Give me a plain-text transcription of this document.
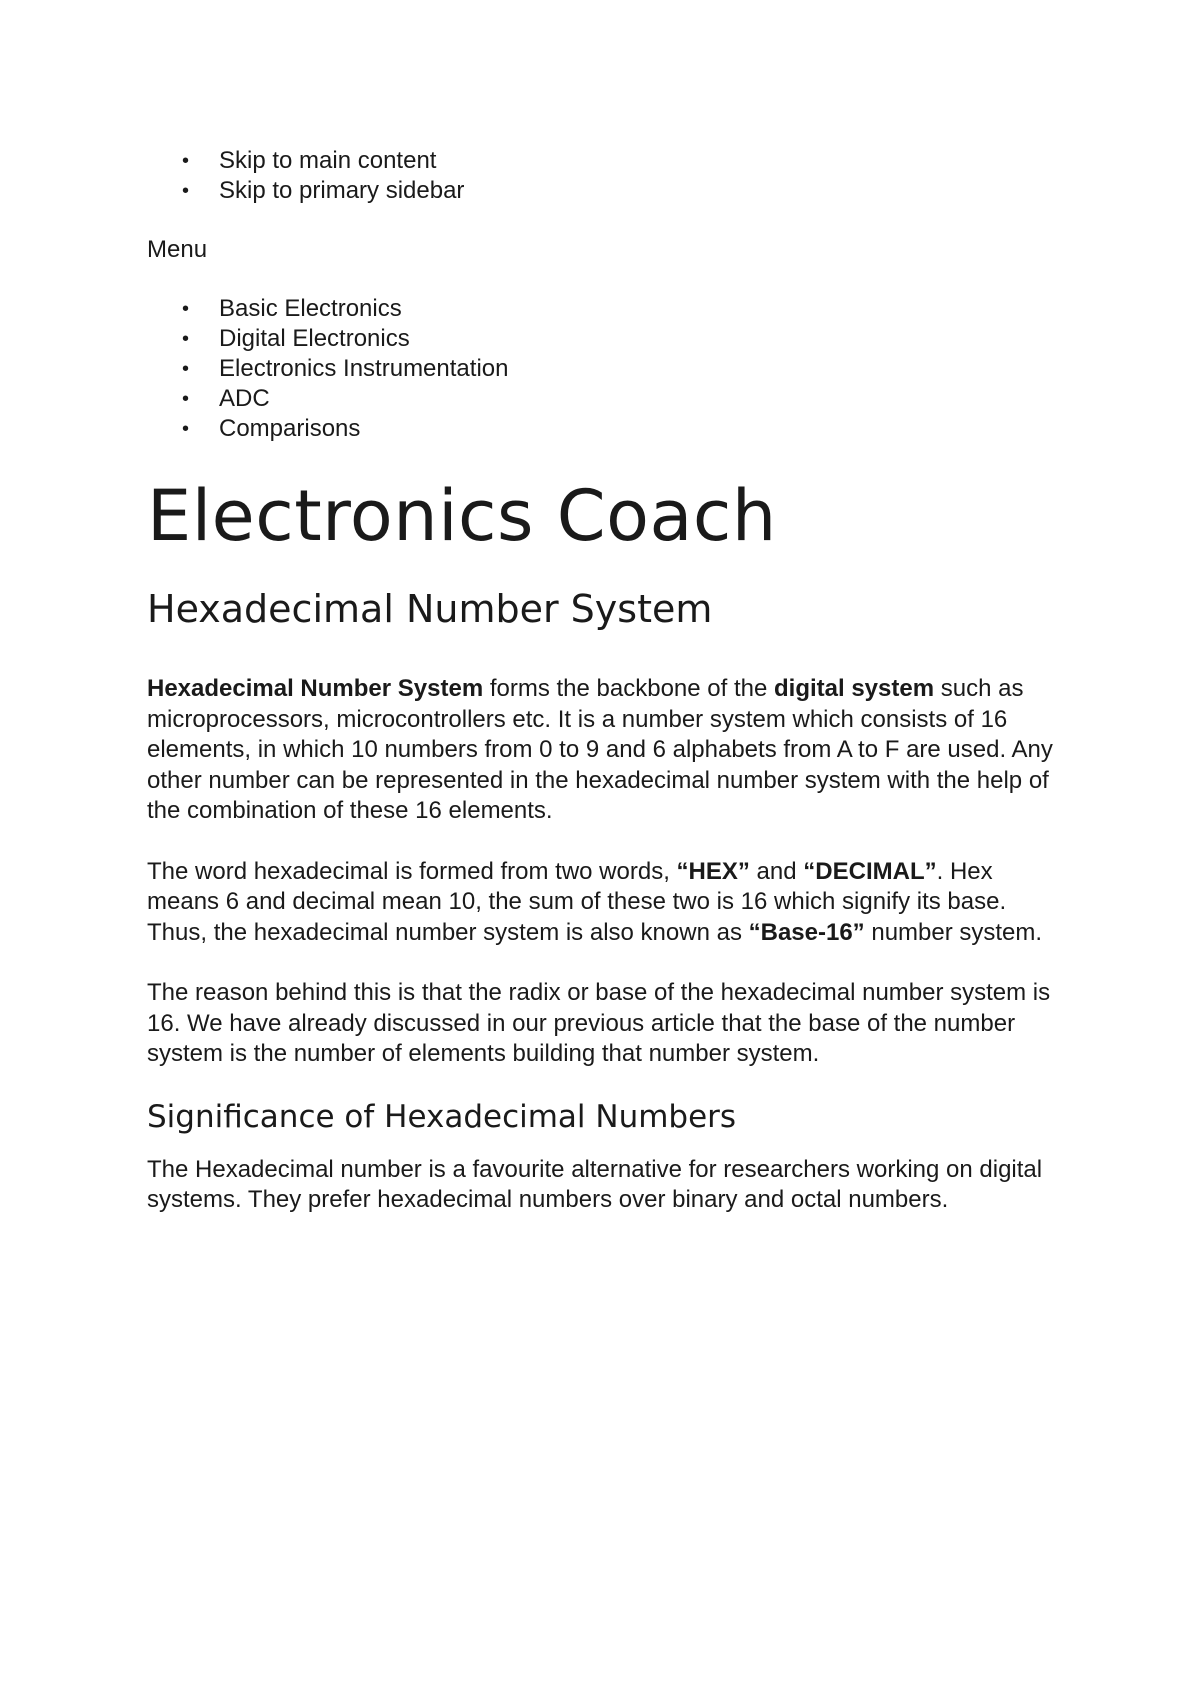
• Skip to main content
• Skip to primary sidebar
Menu
• Basic Electronics
• Digital Electronics
• Electronics Instrumentation
• ADC
• Comparisons
Electronics Coach
Hexadecimal Number System

Hexadecimal Number System forms the backbone of the digital system such as microprocessors, microcontrollers etc. It is a number system which consists of 16 elements, in which 10 numbers from 0 to 9 and 6 alphabets from A to F are used. Any other number can be represented in the hexadecimal number system with the help of the combination of these 16 elements.

The word hexadecimal is formed from two words, “HEX” and “DECIMAL”. Hex means 6 and decimal mean 10, the sum of these two is 16 which signify its base. Thus, the hexadecimal number system is also known as “Base-16” number system.

The reason behind this is that the radix or base of the hexadecimal number system is 16. We have already discussed in our previous article that the base of the number system is the number of elements building that number system.

Significance of Hexadecimal Numbers

The Hexadecimal number is a favourite alternative for researchers working on digital systems. They prefer hexadecimal numbers over binary and octal numbers.
